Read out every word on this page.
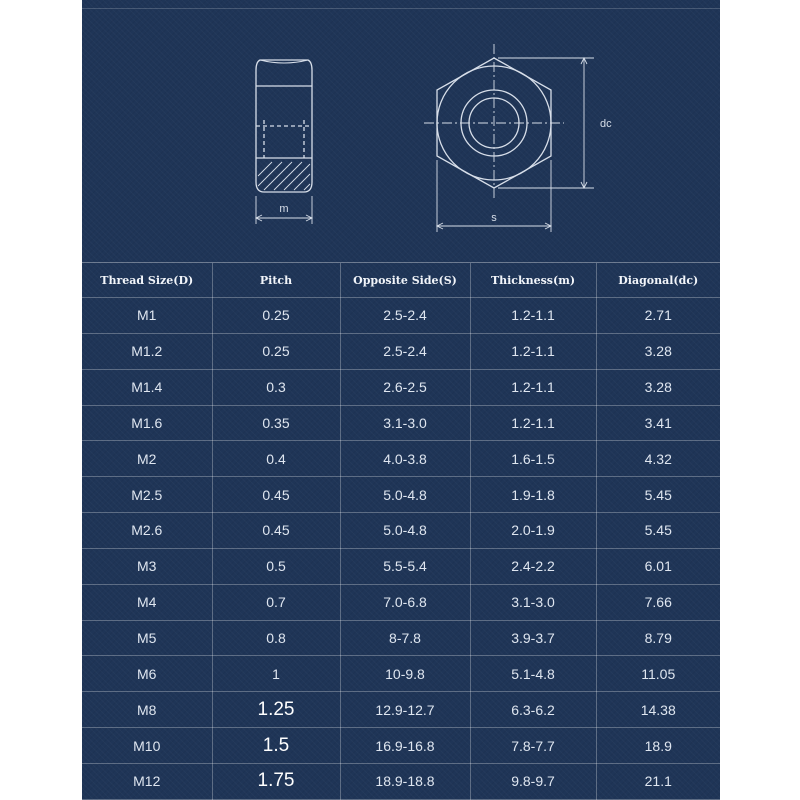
m
s
dc
Thread Size(D)	Pitch	Opposite Side(S)	Thickness(m)	Diagonal(dc)
M1	0.25	2.5-2.4	1.2-1.1	2.71
M1.2	0.25	2.5-2.4	1.2-1.1	3.28
M1.4	0.3	2.6-2.5	1.2-1.1	3.28
M1.6	0.35	3.1-3.0	1.2-1.1	3.41
M2	0.4	4.0-3.8	1.6-1.5	4.32
M2.5	0.45	5.0-4.8	1.9-1.8	5.45
M2.6	0.45	5.0-4.8	2.0-1.9	5.45
M3	0.5	5.5-5.4	2.4-2.2	6.01
M4	0.7	7.0-6.8	3.1-3.0	7.66
M5	0.8	8-7.8	3.9-3.7	8.79
M6	1	10-9.8	5.1-4.8	11.05
M8	1.25	12.9-12.7	6.3-6.2	14.38
M10	1.5	16.9-16.8	7.8-7.7	18.9
M12	1.75	18.9-18.8	9.8-9.7	21.1
